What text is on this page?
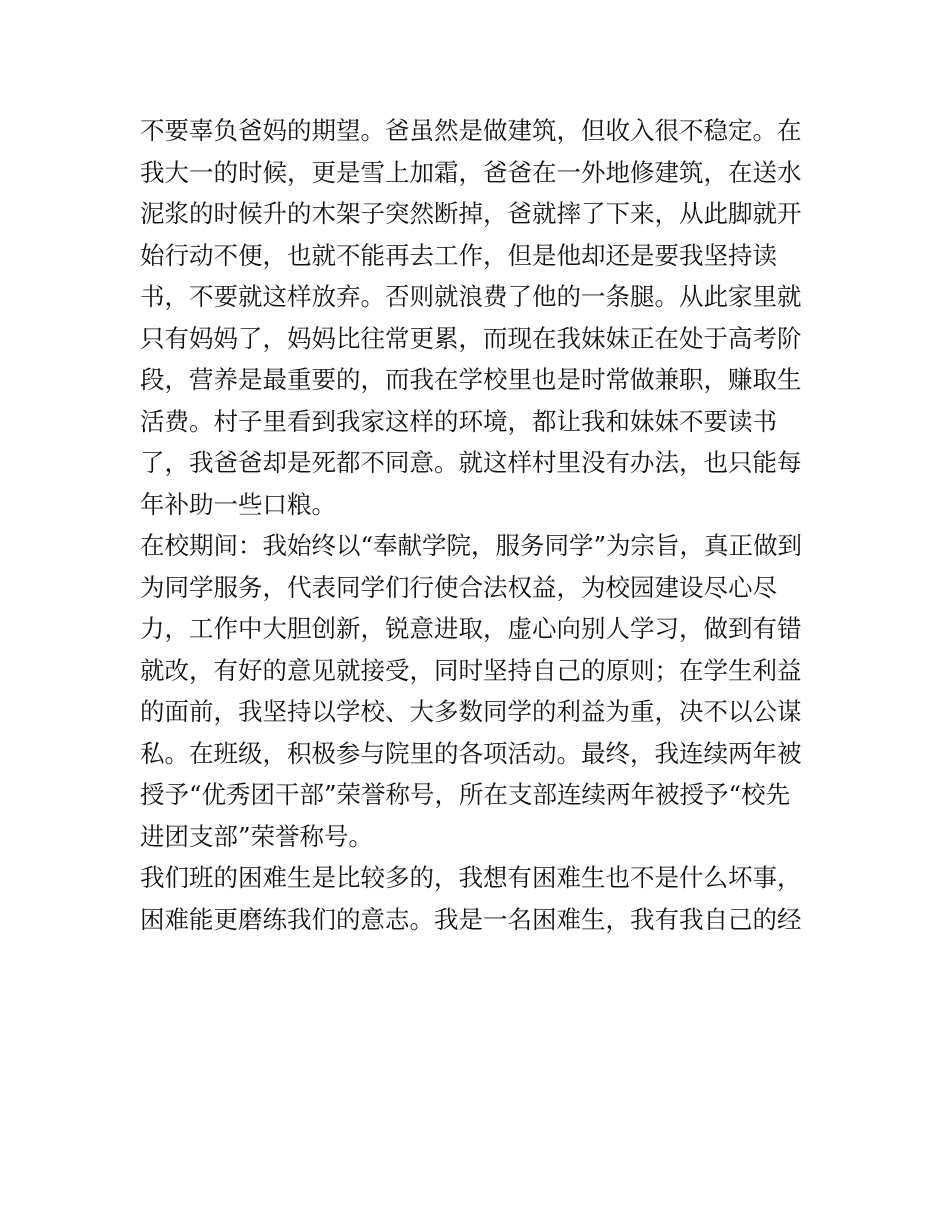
不要辜负爸妈的期望。爸虽然是做建筑，但收入很不稳定。在
我大一的时候，更是雪上加霜，爸爸在一外地修建筑，在送水
泥浆的时候升的木架子突然断掉，爸就摔了下来，从此脚就开
始行动不便，也就不能再去工作，但是他却还是要我坚持读
书，不要就这样放弃。否则就浪费了他的一条腿。从此家里就
只有妈妈了，妈妈比往常更累，而现在我妹妹正在处于高考阶
段，营养是最重要的，而我在学校里也是时常做兼职，赚取生
活费。村子里看到我家这样的环境，都让我和妹妹不要读书
了，我爸爸却是死都不同意。就这样村里没有办法，也只能每
年补助一些口粮。
在校期间：我始终以“奉献学院，服务同学”为宗旨，真正做到
为同学服务，代表同学们行使合法权益，为校园建设尽心尽
力，工作中大胆创新，锐意进取，虚心向别人学习，做到有错
就改，有好的意见就接受，同时坚持自己的原则；在学生利益
的面前，我坚持以学校、大多数同学的利益为重，决不以公谋
私。在班级，积极参与院里的各项活动。最终，我连续两年被
授予“优秀团干部”荣誉称号，所在支部连续两年被授予“校先
进团支部”荣誉称号。
我们班的困难生是比较多的，我想有困难生也不是什么坏事，
困难能更磨练我们的意志。我是一名困难生，我有我自己的经
